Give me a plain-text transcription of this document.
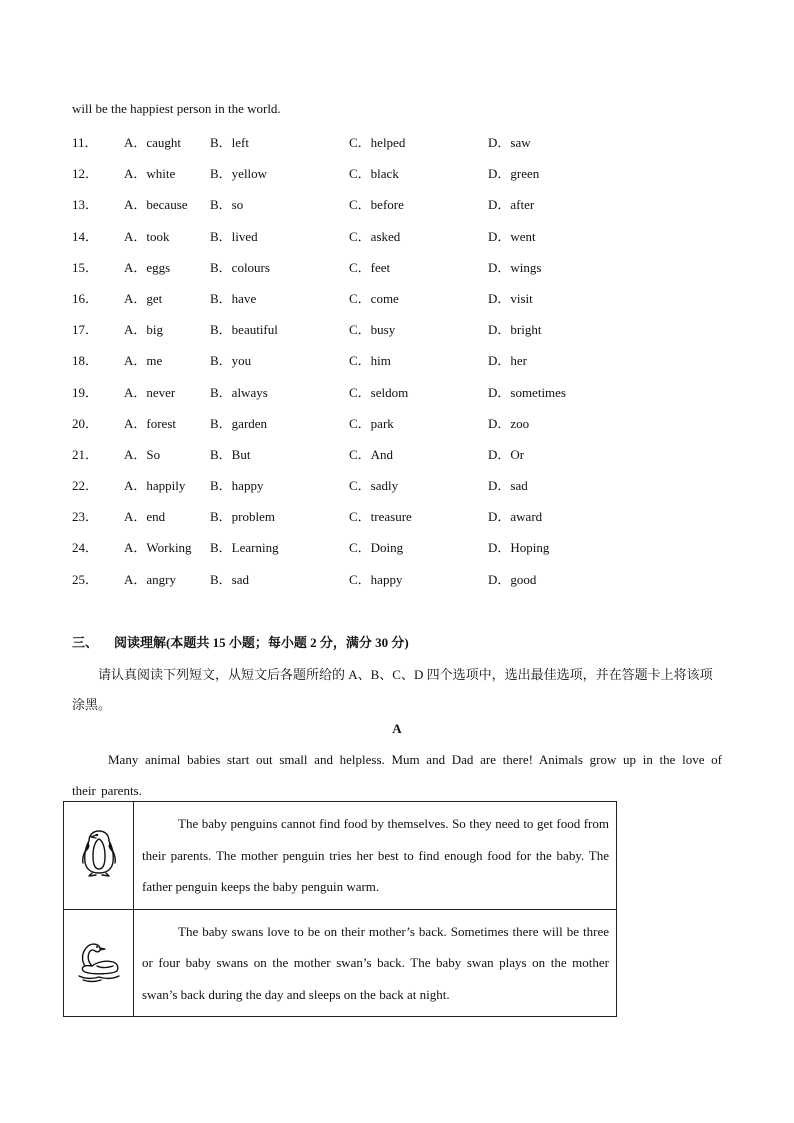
will be the happiest person in the world.
11． A．caught B．left	C．helped	D．saw
12． A．white	B．yellow	C．black	D．green
13． A．because B．so	C．before	D．after
14． A．took	B．lived	C．asked	D．went
15． A．eggs	B．colours	C．feet	D．wings
16． A．get	B．have	C．come	D．visit
17． A．big	B．beautiful	C．busy	D．bright
18． A．me	B．you	C．him	D．her
19． A．never	B．always	C．seldom	D．sometimes
20． A．forest	B．garden	C．park	D．zoo
21． A．So	B．But	C．And	D．Or
22． A．happily B．happy	C．sadly	D．sad
23． A．end	B．problem	C．treasure	D．award
24． A．Working B．Learning	C．Doing	D．Hoping
25． A．angry	B．sad	C．happy	D．good
三、 阅读理解(本题共 15 小题；每小题 2 分，满分 30 分)
请认真阅读下列短文，从短文后各题所给的 A、B、C、D 四个选项中，选出最佳选项，并在答题卡上将该项涂黑。
A
Many animal babies start out small and helpless. Mum and Dad are there! Animals grow up in the love of their parents.
	The baby penguins cannot find food by themselves. So they need to get food from their parents. The mother penguin tries her best to find enough food for the baby. The father penguin keeps the baby penguin warm.
	The baby swans love to be on their mother’s back. Sometimes there will be three or four baby swans on the mother swan’s back. The baby swan plays on the mother swan’s back during the day and sleeps on the back at night.
